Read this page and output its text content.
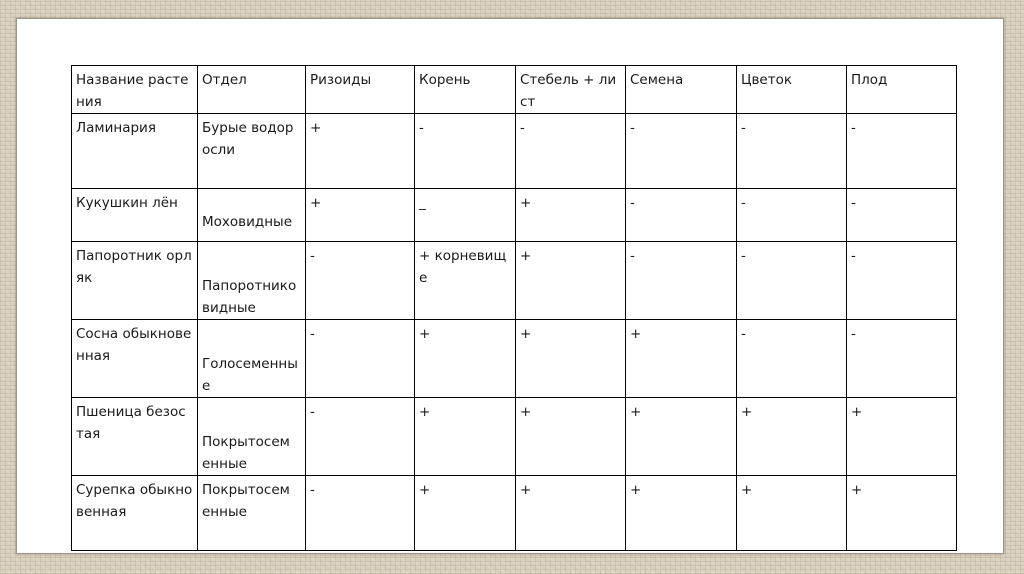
Название растения	Отдел	Ризоиды	Корень	Стебель + лист	Семена	Цветок	Плод

Ламинария	Бурые водоросли	+	-	-	-	-	-

Кукушкин лён	Моховидные	+	_	+	-	-	-

Папоротник орляк	Папоротнико видные	-	+ корневище	+	-	-	-

Сосна обыкновенная	Голосеменны е	-	+	+	+	-	-

Пшеница безостая	Покрытосем енные	-	+	+	+	+	+

Сурепка обыкновенная	Покрытосем енные	-	+	+	+	+	+
